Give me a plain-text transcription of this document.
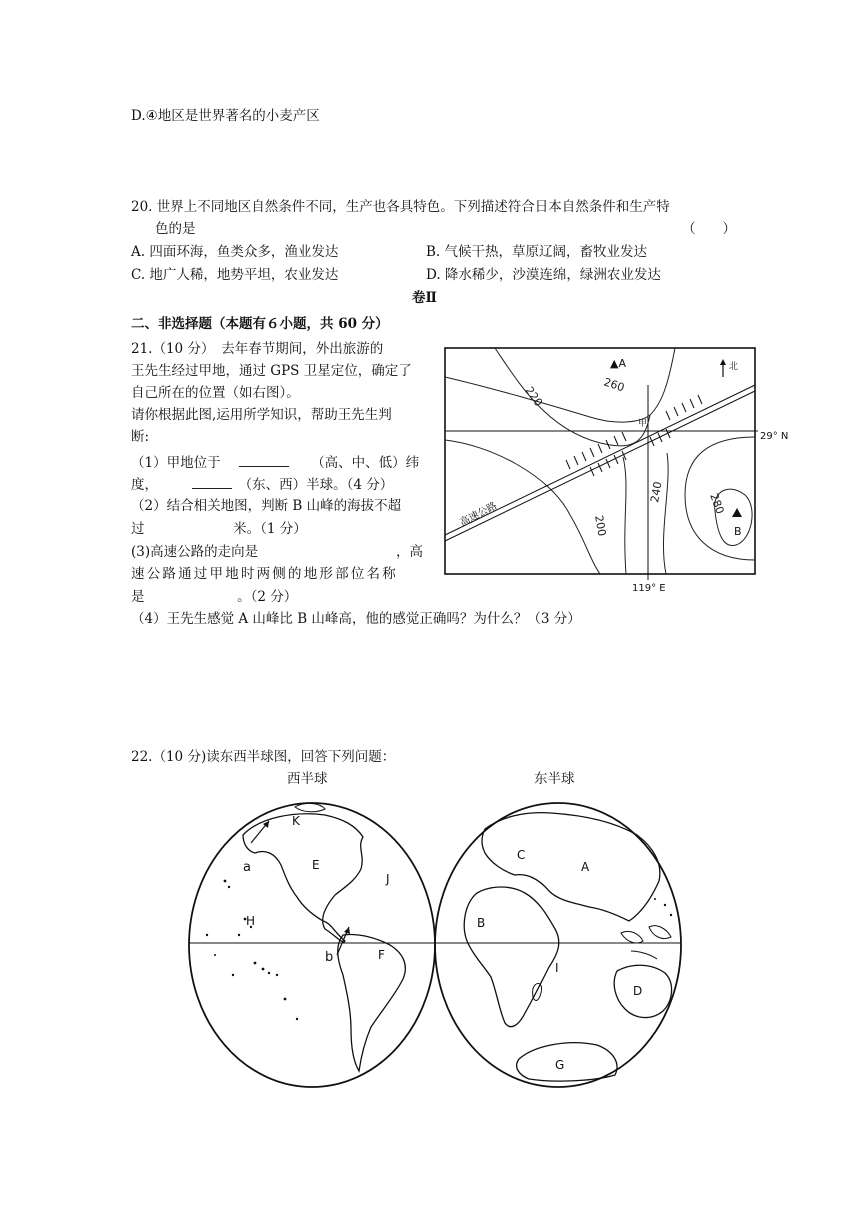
D.④地区是世界著名的小麦产区
20. 世界上不同地区自然条件不同，生产也各具特色。下列描述符合日本自然条件和生产特
色的是	（　　）
A. 四面环海，鱼类众多，渔业发达	B. 气候干热，草原辽阔，畜牧业发达
C. 地广人稀，地势平坦，农业发达	D. 降水稀少，沙漠连绵，绿洲农业发达
卷Ⅱ
二、非选择题（本题有６小题，共 60 分）
21.（10 分）　去年春节期间，外出旅游的
王先生经过甲地，通过 GPS 卫星定位，确定了
自己所在的位置（如右图）。
请你根据此图,运用所学知识，帮助王先生判
断:
（1）甲地位于	（高、中、低）纬
度，	（东、西）半球。（4 分）
（2）结合相关地图，判断 B 山峰的海拔不超
过	米。（1 分）
(3)高速公路的走向是	，高
速公路通过甲地时两侧的地形部位名称
是	。（2 分）
（4）王先生感觉 A 山峰比 B 山峰高，他的感觉正确吗？为什么？（3 分）
▲A
260
220
200
240	280
甲
高速公路
B
北
29° N
119° E
22.（10 分)读东西半球图，回答下列问题：
西半球	东半球
K
a	E
J
H
b	F
C
A
B
I
D
G
